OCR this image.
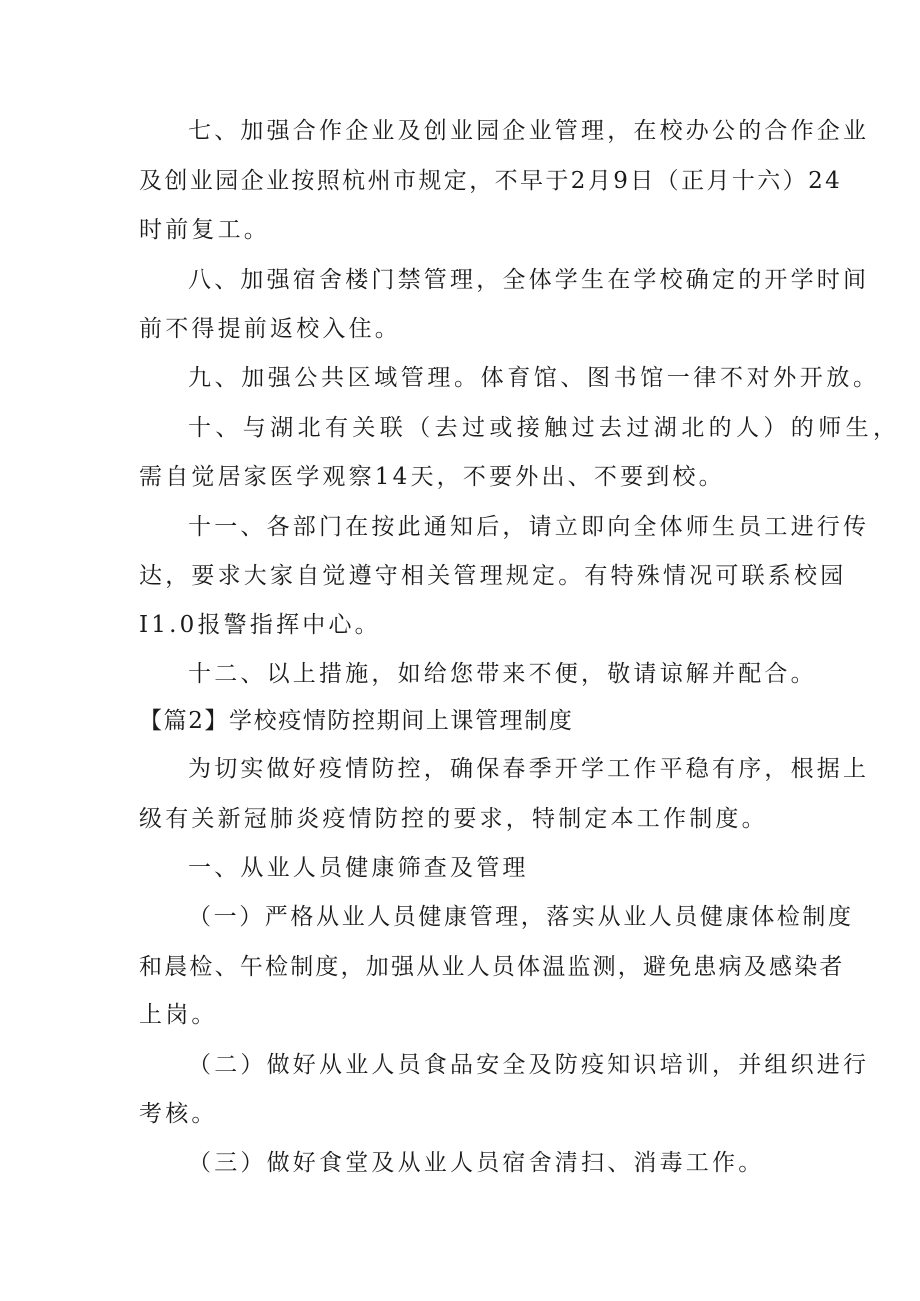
七、加强合作企业及创业园企业管理，在校办公的合作企业
及创业园企业按照杭州市规定，不早于2月9日（正月十六）24
时前复工。
八、加强宿舍楼门禁管理，全体学生在学校确定的开学时间
前不得提前返校入住。
九、加强公共区域管理。体育馆、图书馆一律不对外开放。
十、与湖北有关联（去过或接触过去过湖北的人）的师生，
需自觉居家医学观察14天，不要外出、不要到校。
十一、各部门在按此通知后，请立即向全体师生员工进行传
达，要求大家自觉遵守相关管理规定。有特殊情况可联系校园
I1.0报警指挥中心。
十二、以上措施，如给您带来不便，敬请谅解并配合。
【篇2】学校疫情防控期间上课管理制度
为切实做好疫情防控，确保春季开学工作平稳有序，根据上
级有关新冠肺炎疫情防控的要求，特制定本工作制度。
一、从业人员健康筛查及管理
（一）严格从业人员健康管理，落实从业人员健康体检制度
和晨检、午检制度，加强从业人员体温监测，避免患病及感染者
上岗。
（二）做好从业人员食品安全及防疫知识培训，并组织进行
考核。
（三）做好食堂及从业人员宿舍清扫、消毒工作。
